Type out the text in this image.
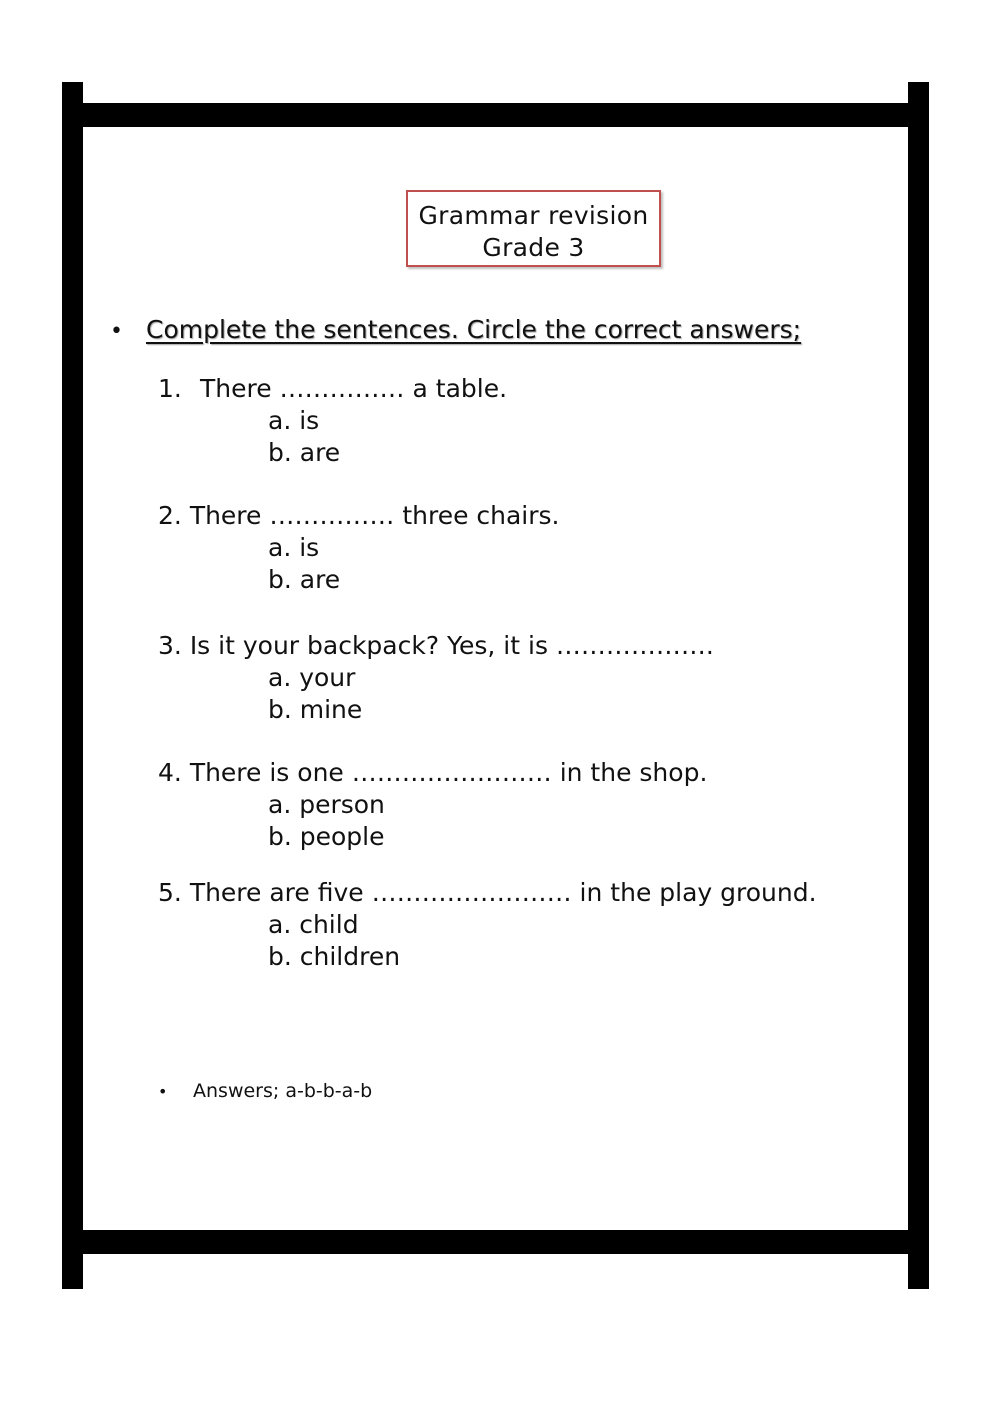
Grammar revision
Grade 3
• Complete the sentences. Circle the correct answers;
1. There …………… a table.
a. is
b. are
2. There …………… three chairs.
a. is
b. are
3. Is it your backpack? Yes, it is ……………….
a. your
b. mine
4. There is one …………………… in the shop.
a. person
b. people
5. There are five …………………… in the play ground.
a. child
b. children
• Answers; a-b-b-a-b
